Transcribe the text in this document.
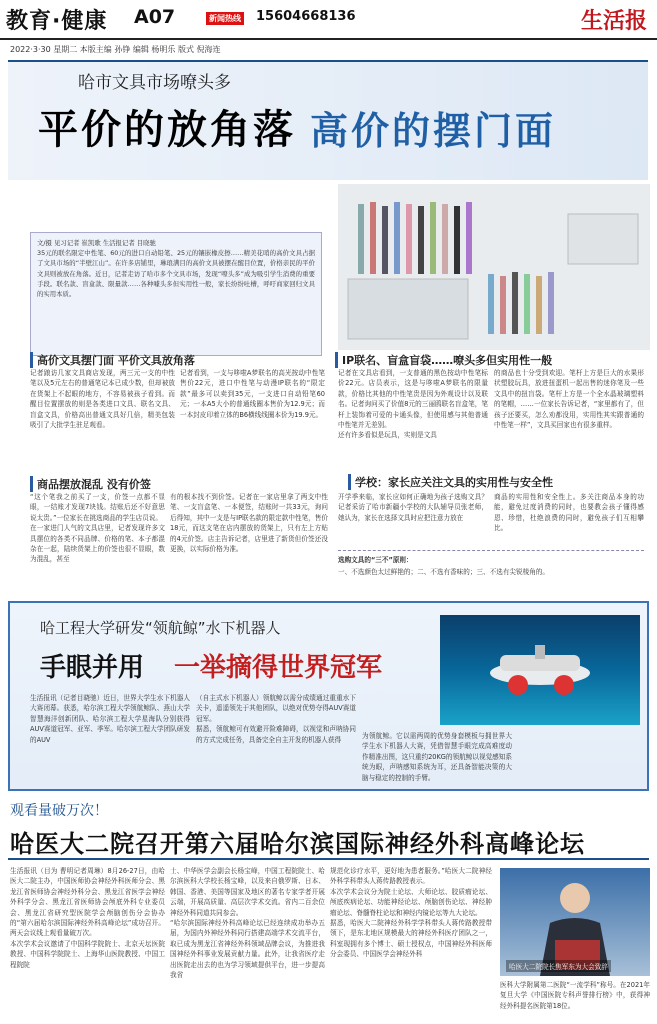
教育·健康 A07	新闻热线 15604668136	生活报
2022·3·30 星期二 本版主编 孙铮 编辑 杨明乐 版式 倪海连
哈市文具市场嘹头多
平价的放角落 高价的摆门面
文/摄 见习记者 崔凯歌 生活报记者 目晓驰
35元的联名限定中性笔、60元的进口自动铅笔、25元的镶嵌橡皮擦……精美花哨的高价文具占据了文具市场的“半壁江山”。在许多店铺里，琳琅满目的高价文具被摆在醒目位置，价格亲民的平价文具则被放在角落。近日，记者走访了哈市多个文具市场，发现“嘹头多”成为吸引学生消费的重要手段。联名款、盲盒款、限量款……各种噱头多但实用性一般，家长纷纷吐槽，呼吁商家回归文具的实用本质。
高价文具摆门面 平价文具放角落
记者踉访几家文具商店发现，两三元一支的中性笔以及5元左右的普通笔记本已成少数，但却被放在货架上不起眼的地方，不容易被孩子看到。而醒目位置摆放的则是各类进口文具、联名文具、盲盒文具，价格高出普通文具好几倍，精美包装吸引了大批学生驻足观看。
记者看到，一支与哆啦A梦联名的高光按动中性笔售价22元，进口中性笔与动漫IP联名的“限定款”最多可以卖到35元，一支进口自动铅笔60元；一本A5大小的普通线圈本售价为12.9元；而一本封皮印着立体的B6横线线圈本价为19.9元。
商品摆放混乱 没有价签
“这个笔我之前买了一支，价签一点都不显眼，一结账才发现7块钱。结账后还不好意思说太贵。”一位家长在挑选商品的学生店员说。
在一家进门人气的文具店里，记者发现许多文具摆位的各类不同品牌、价格的笔、本子都混杂在一起，陆续货架上的价签也很不显眼，数为混乱，甚至
有的根本找不到价签。记者在一家店里拿了两支中性笔、一支盲盒笔、一本便签，结账时一共33元，询问后得知，其中一支是与IP联名款的限定款中性笔，售价18元，而这支笔在店内摆放的货架上，只有左上方贴的4元价签。店主告诉记者，店里进了新货但价签还没更换，以实际价格为准。
IP联名、盲盒盲袋……嘹头多但实用性一般
记者在文具店看到，一支普通的黑色按动中性笔标价22元。店员表示，这是与哆啦A梦联名的限量款，价格比其他的中性笔贵是因为外观设计以及联名。记者询问买了价值8元的三丽鸥联名盲盒笔，笔杆上装饰着可爱的卡通头像，但使用感与其他普通中性笔并无差别。
还有许多看似是玩具，实则是文具
的商品也十分受到欢迎。笔杆上方是巨大的水果形状塑胶玩具，放进扭蛋机一起出售的迷你笔及一些文具中的扭盲袋。笔杆上方是一个全水晶玻璃塑料的笔帽，……一位家长告诉记者，“家里都有了，但孩子还要买，怎么劝都没用，实用性其实跟普通的中性笔一样”，文具买回家也有很多重样。
学校：家长应关注文具的实用性与安全性
开学季来临，家长应如何正确地为孩子选购文具？记者采访了哈市新疆小学校的大队辅导员张老师，她认为，家长在选择文具时应把注意力放在
商品的实用性和安全性上。多关注商品本身的功能，避免过度消费的同时，也要教会孩子懂得感恩、珍惜，杜绝浪费的同时，避免孩子们互相攀比。
选购文具的“三不”原则：
一、不选颜色太过鲜艳的；二、不选有香味的；三、不选有尖锐棱角的。
哈工程大学研发“领航鲸”水下机器人
手眼并用 一举摘得世界冠军
生活报讯（记者目晓驰）近日，世界大学生水下机器人大赛闭幕。获悉，哈尔滨工程大学领航鲸队、燕山大学智慧海洋创新团队、哈尔滨工程大学星海队分别获得AUV赛道冠军、亚军、季军。哈尔滨工程大学团队研发的AUV
（自主式水下机器人）领航鲸以需分成绩通过重重水下关卡，遥遥领先于其他团队，以绝对优势夺得AUV赛道冠军。
据悉，领航鲸可有效避开险难障碍，以视觉和声呐协同的方式完成任务，具备完全自主开发的机器人获得	为领航鲸。它以需两周的优势身套模板与拥世界大学生水下机器人大赛，凭借智慧手眼完成高难度动作精准出图，这只重约20KG的领航鲸以视觉感知系统为眼，声呐感知系统为耳，还具备智能决策的大脑与稳定的控制的手臂。
观看量破万次！
哈医大二院召开第六届哈尔滨国际神经外科高峰论坛
生活报讯（目为 曹明记者周琳）8月26-27日，由哈医大二院主办，中国医师协会神经外科医师分会、黑龙江省医师协会神经外科分会、黑龙江省医学会神经外科学分会、黑龙江省医师协会颅底外科专业委员会、黑龙江省研究型医院学会颅脑创伤分会协办的“第六届哈尔滨国际神经外科高峰论坛”成功召开。两天会议线上观看量破万次。
本次学术会议邀请了中国科学院院士、北京天坛医院教授、中国科学院院士、上海华山医院教授、中国工程院院
士、中华医学会副会长杨宝峰，中国工程院院士、哈尔滨医科大学校长杨宝峰，以及来自俄罗斯、日本、韩国、香港、美国等国家及地区的著名专家学者开展云端，开展高质量、高层次学术交流。省内二百余位神经外科同道共同参会。
“哈尔滨国际神经外科高峰论坛已经连续成功举办五届，为国内外神经外科同行搭建高端学术交流平台，取已成为黑龙江省神经外科领域品牌会议，为推进我国神经外科事业发展贡献力量。此外，让我省医疗走出医院走出去的也为学习领域提供平台，进一步提高我省
规范化诊疗水平，更好地为患者服务。”哈医大二院神经外科学科带头人蒋传路教授表示。
本次学术会议分为院士论坛、大师论坛、胶质瘤论坛、颅底疾病论坛、功能神经论坛、颅脑创伤论坛、神经肿瘤论坛、脊髓脊柱论坛和神经内镜论坛等九大论坛。
据悉，哈医大二院神经外科学学科带头人蒋传路教授带领下，是东北地区规模最大的神经外科医疗团队之一，科室现拥有多个博士、硕士授权点，中国神经外科医师分会委员、中国医学会神经外科
哈医大二院院长焦军东为大会致辞
医科大学附属第二医院“一流学科”称号。在2021年复旦大学《中国医院专科声誉排行榜》中，获得神经外科提名医院第18位。
